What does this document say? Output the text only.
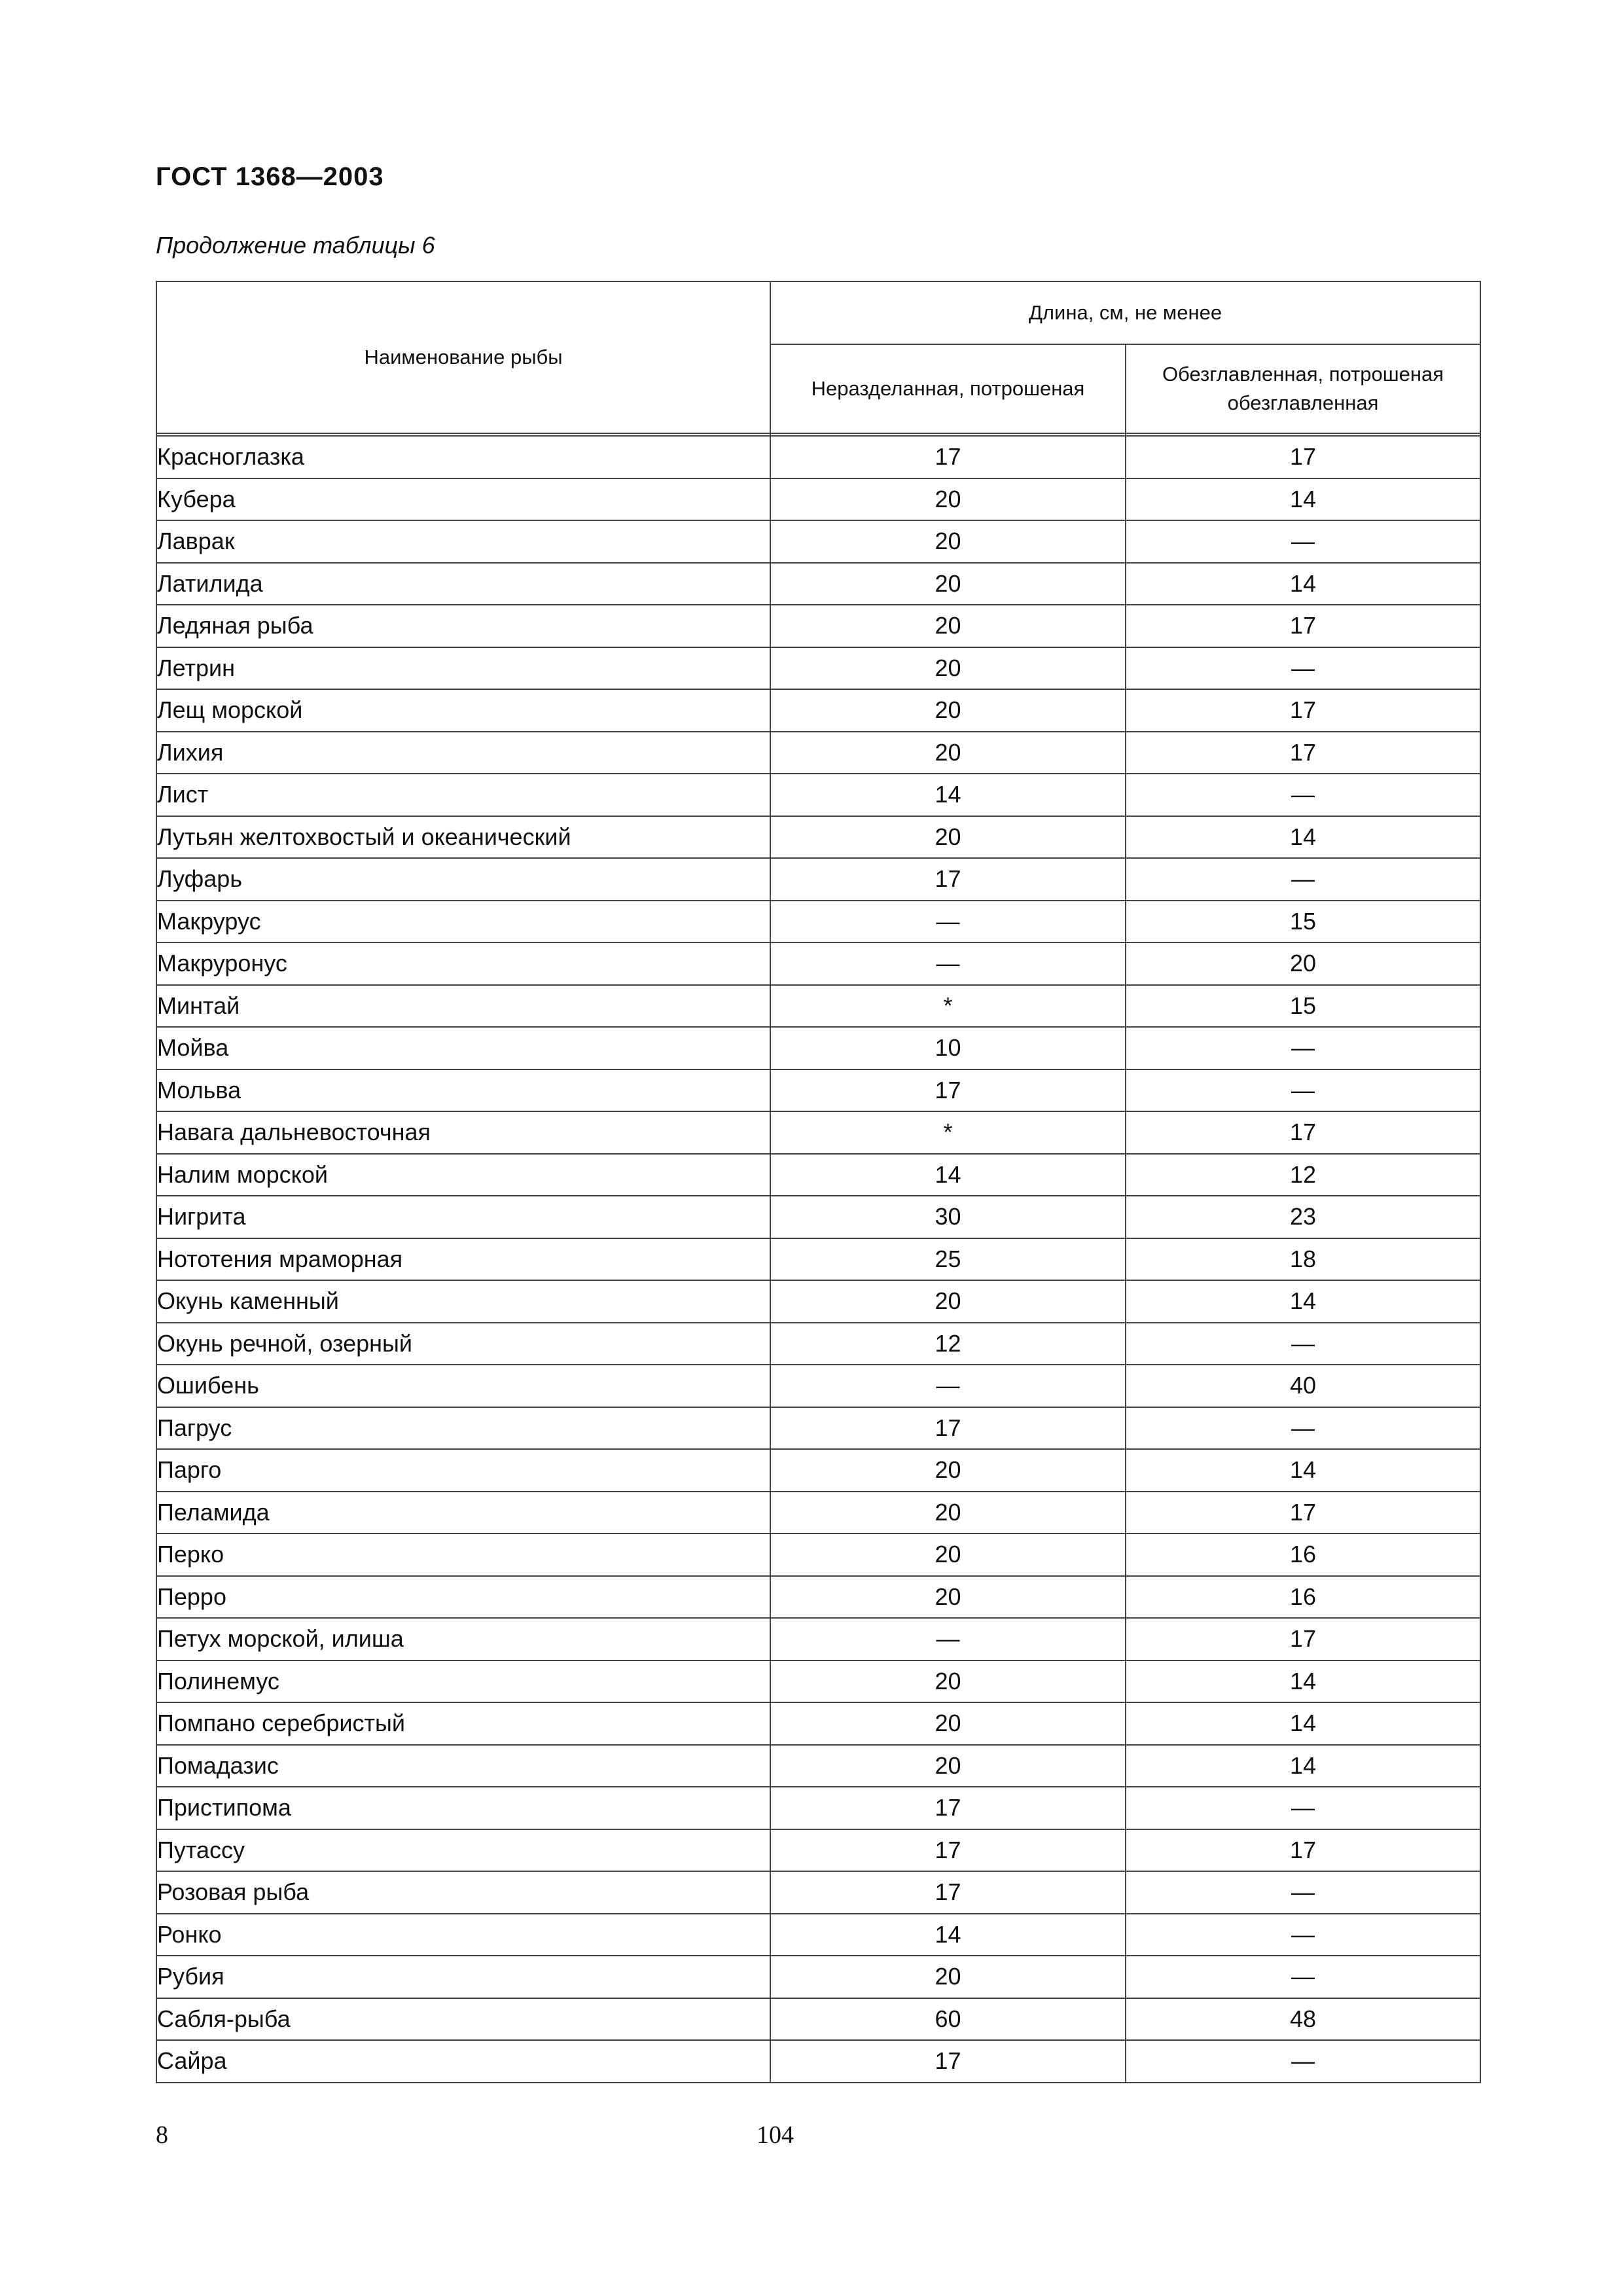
ГОСТ 1368—2003
Продолжение таблицы 6
Наименование рыбы	Длина, см, не менее	
	Неразделанная, потрошеная	Обезглавленная, потрошеная обезглавленная

Красноглазка	17	17
Кубера	20	14
Лаврак	20	—
Латилида	20	14
Ледяная рыба	20	17
Летрин	20	—
Лещ морской	20	17
Лихия	20	17
Лист	14	—
Лутьян желтохвостый и океанический	20	14
Луфарь	17	—
Макрурус	—	15
Макруронус	—	20
Минтай	*	15
Мойва	10	—
Мольва	17	—
Навага дальневосточная	*	17
Налим морской	14	12
Нигрита	30	23
Нототения мраморная	25	18
Окунь каменный	20	14
Окунь речной, озерный	12	—
Ошибень	—	40
Пагрус	17	—
Парго	20	14
Пеламида	20	17
Перко	20	16
Перро	20	16
Петух морской, илиша	—	17
Полинемус	20	14
Помпано серебристый	20	14
Помадазис	20	14
Пристипома	17	—
Путассу	17	17
Розовая рыба	17	—
Ронко	14	—
Рубия	20	—
Сабля-рыба	60	48
Сайра	17	—
8	104
